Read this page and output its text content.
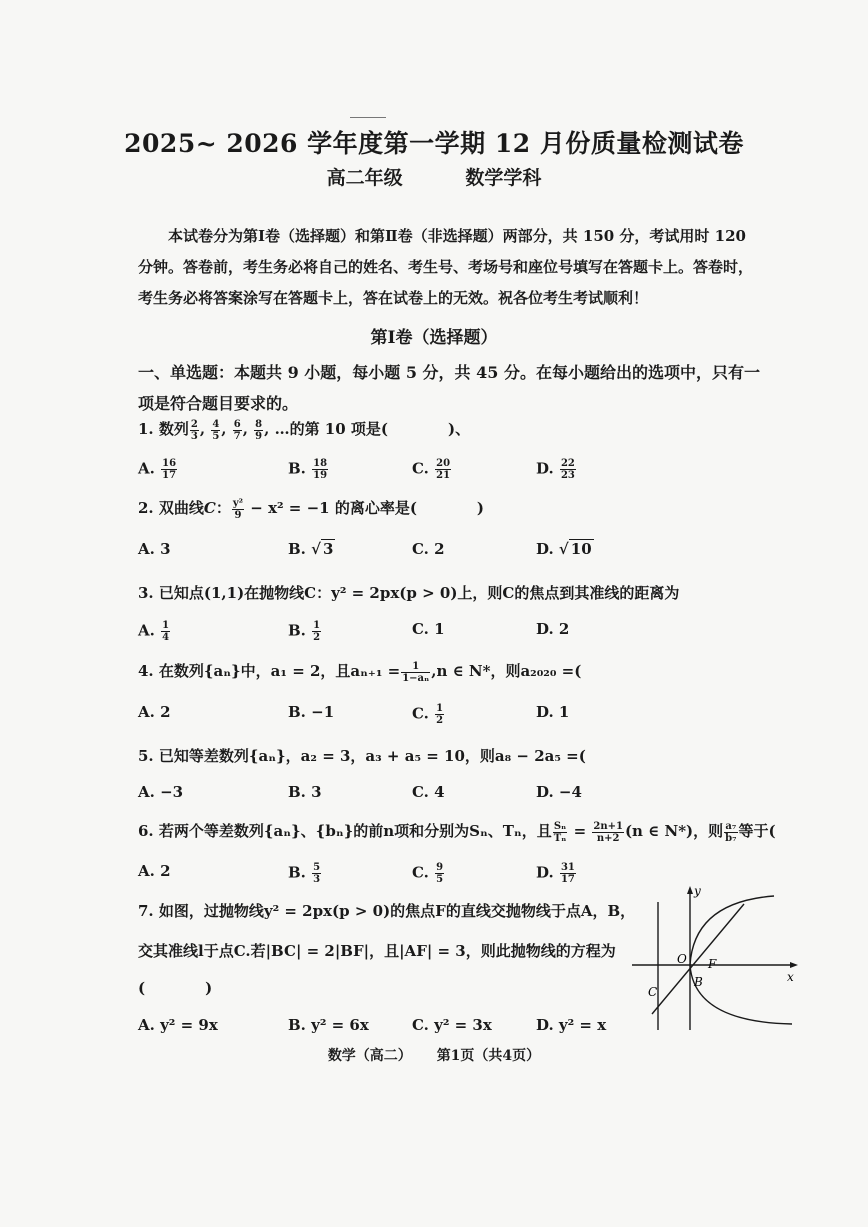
2025~ 2026 学年度第一学期 12 月份质量检测试卷
高二年级	数学学科
本试卷分为第Ⅰ卷（选择题）和第Ⅱ卷（非选择题）两部分，共 150 分，考试用时 120 分钟。答卷前，考生务必将自己的姓名、考生号、考场号和座位号填写在答题卡上。答卷时，考生务必将答案涂写在答题卡上，答在试卷上的无效。祝各位考生考试顺利！
第Ⅰ卷（选择题）
一、单选题：本题共 9 小题，每小题 5 分，共 45 分。在每小题给出的选项中，只有一项是符合题目要求的。
1. 数列 $\frac{2}{3}$ , $\frac{4}{5}$ , $\frac{6}{7}$ , $\frac{8}{9}$ , …的第 10 项是(　　　　)、
A. $\frac{16}{17}$	B. $\frac{18}{19}$	C. $\frac{20}{21}$	D. $\frac{22}{23}$
2. 双曲线C： $\frac{\text{y²}}{9} - x^2 = -1$ 的离心率是(　　　　)
A. 3	B. √ 3	C. 2	D. √ 10
3. 已知点(1,1)在抛物线C：y² = 2px(p > 0)上，则C的焦点到其准线的距离为
A. $\frac{1}{4}$	B. $\frac{1}{2}$	C. 1	D. 2
4. 在数列{aₙ}中，a₁ = 2，且$a_{n+1} = \frac{1}{\text{1−aₙ}} ,n$ ∈ N*，则a₂₀₂₀ =(
A. 2	B. −1	C. $\frac{1}{2}$	D. 1
5. 已知等差数列{aₙ}，a₂ = 3，a₃ + a₅ = 10，则a₈ − 2a₅ =(
A. −3	B. 3	C. 4	D. −4
6. 若两个等差数列{aₙ}、{bₙ}的前n项和分别为Sₙ、Tₙ，且 $\frac{\text{Sₙ}}{\text{Tₙ}} = \frac{2n+1}{n+2} (n$ ∈ N*)，则 $\frac{\text{a₇}}{\text{b₇}}$ 等于(
A. 2	B. $\frac{5}{3}$	C. $\frac{9}{5}$	D. $\frac{31}{17}$
7. 如图，过抛物线y² = 2px(p > 0)的焦点F的直线交抛物线于点A，B，
交其准线l于点C.若|BC| = 2|BF|，且|AF| = 3，则此抛物线的方程为
(　　　　)
A. y² = 9x	B. y² = 6x	C. y² = 3x	D. y² = x
y
x
O F
B
C
数学（高二） 第1页（共4页）
